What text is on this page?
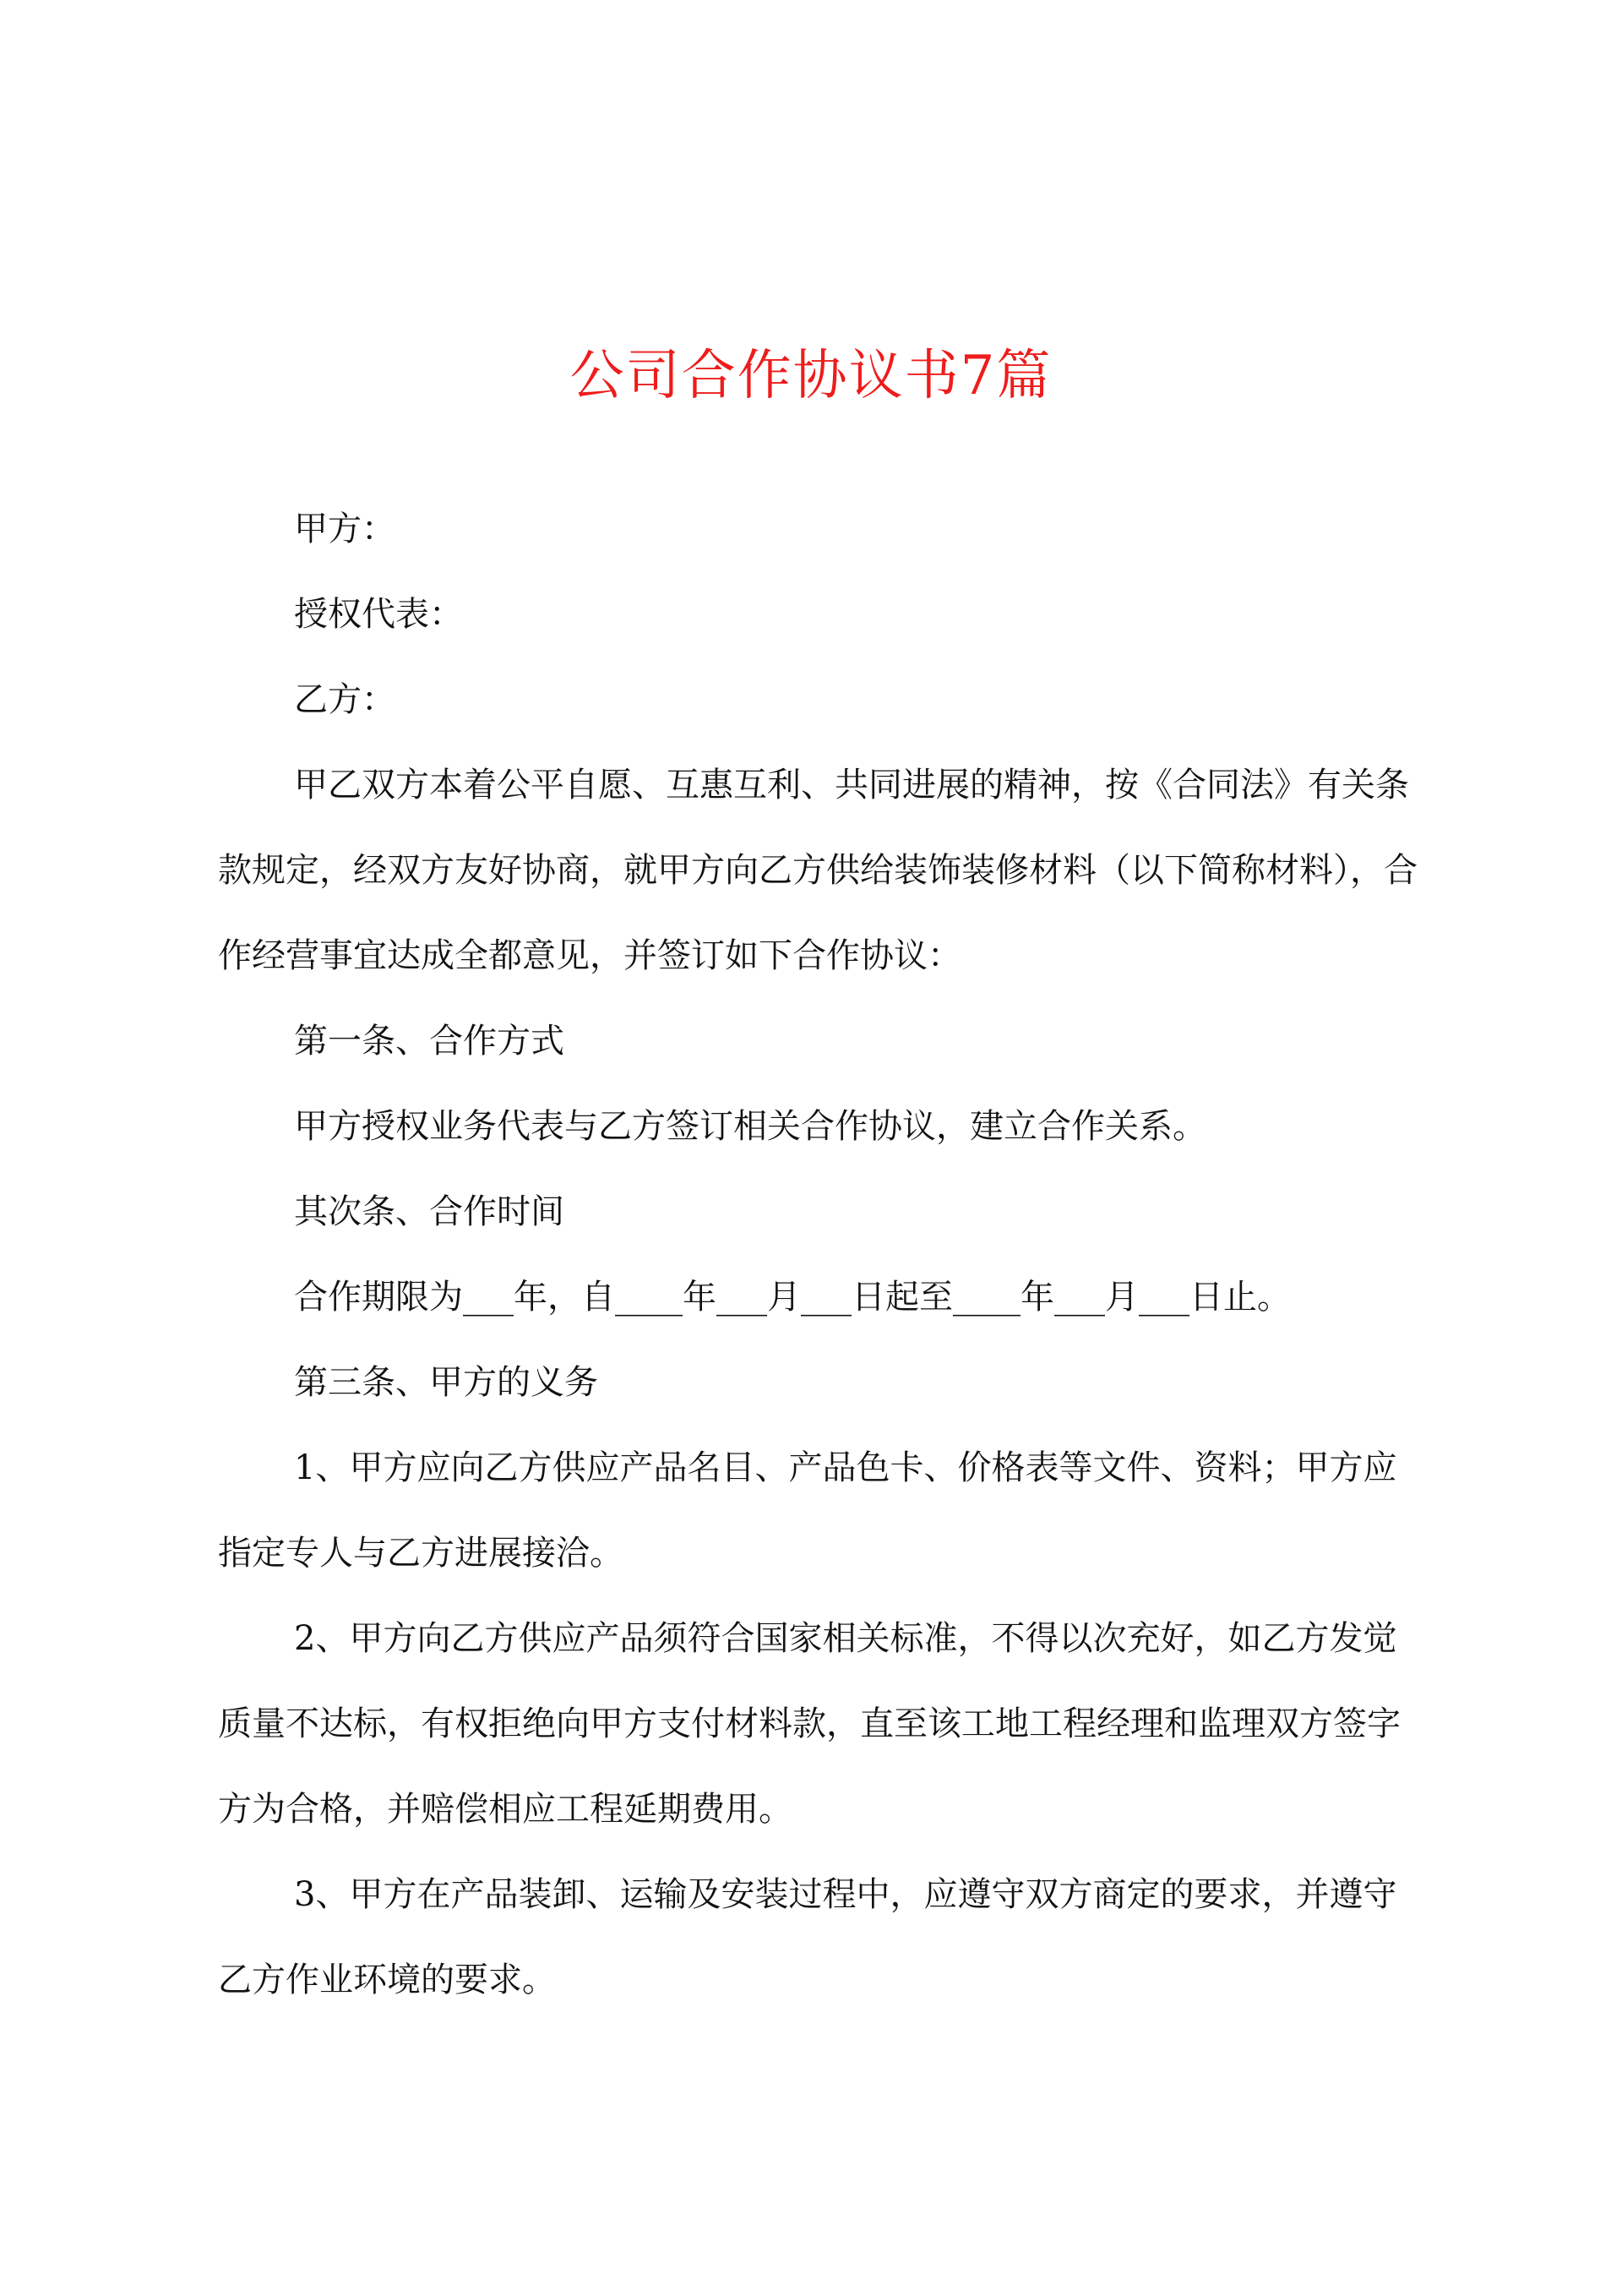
公司合作协议书7篇

甲方：

授权代表：

乙方：

甲乙双方本着公平自愿、互惠互利、共同进展的精神，按《合同法》有关条款规定，经双方友好协商，就甲方向乙方供给装饰装修材料（以下简称材料），合作经营事宜达成全都意见，并签订如下合作协议：

第一条、合作方式

甲方授权业务代表与乙方签订相关合作协议，建立合作关系。

其次条、合作时间

合作期限为___年，自____年___月___日起至____年___月___日止。

第三条、甲方的义务

1、甲方应向乙方供应产品名目、产品色卡、价格表等文件、资料；甲方应指定专人与乙方进展接洽。

2、甲方向乙方供应产品须符合国家相关标准，不得以次充好，如乙方发觉质量不达标，有权拒绝向甲方支付材料款，直至该工地工程经理和监理双方签字方为合格，并赔偿相应工程延期费用。

3、甲方在产品装卸、运输及安装过程中，应遵守双方商定的要求，并遵守乙方作业环境的要求。
